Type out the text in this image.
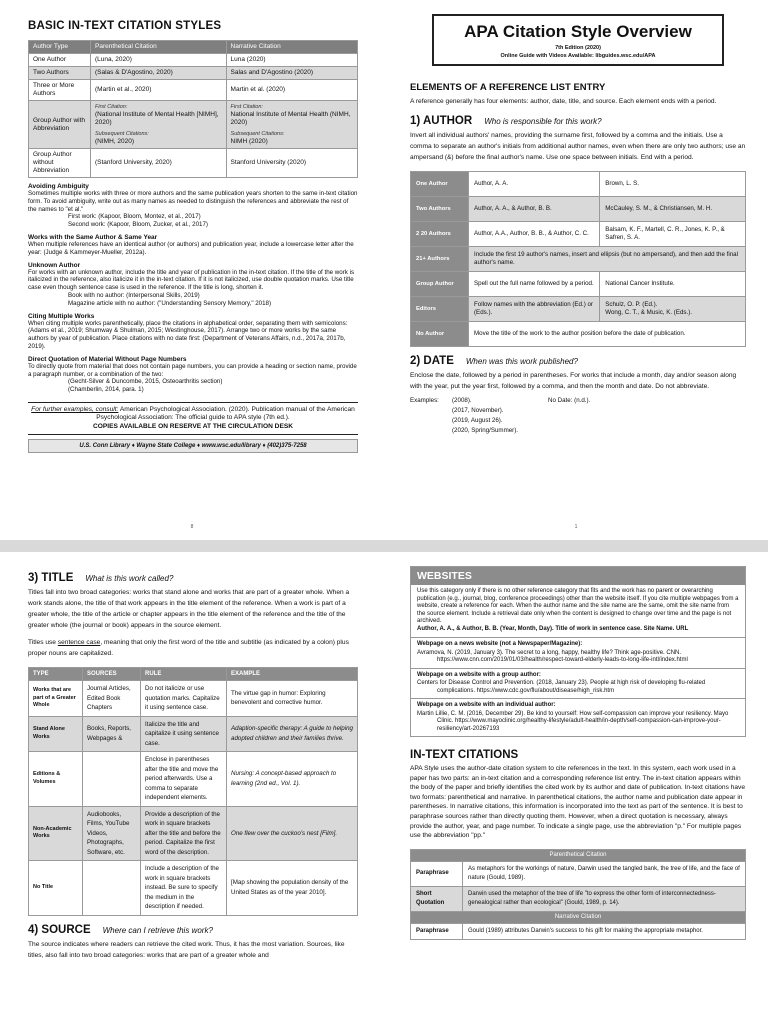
BASIC IN-TEXT CITATION STYLES
Author Type	Parenthetical Citation	Narrative Citation
One Author	(Luna, 2020)	Luna (2020)
Two Authors	(Salas & D'Agostino, 2020)	Salas and D'Agostino (2020)
Three or More Authors	(Martin et al., 2020)	Martin et al. (2020)
Group Author with Abbreviation	First Citation:
(National Institute of Mental Health [NIMH], 2020)
Subsequent Citations:
(NIMH, 2020)	First Citation:
National Institute of Mental Health (NIMH, 2020)
Subsequent Citations:
NIMH (2020)
Group Author without Abbreviation	(Stanford University, 2020)	Stanford University (2020)
Avoiding Ambiguity
Sometimes multiple works with three or more authors and the same publication years shorten to the same in-text citation form. To avoid ambiguity, write out as many names as needed to distinguish the references and abbreviate the rest of the names to "et al."
First work: (Kapoor, Bloom, Montez, et al., 2017)
Second work: (Kapoor, Bloom, Zucker, et al., 2017)
Works with the Same Author & Same Year
When multiple references have an identical author (or authors) and publication year, include a lowercase letter after the year: (Judge & Kammeyer-Mueller, 2012a).
Unknown Author
For works with an unknown author, include the title and year of publication in the in-text citation. If the title of the work is italicized in the reference, also italicize it in the in-text citation. If it is not italicized, use double quotation marks. Use title case even though sentence case is used in the reference. If the title is long, shorten it.
Book with no author: (Interpersonal Skills, 2019)
Magazine article with no author: ("Understanding Sensory Memory," 2018)
Citing Multiple Works
When citing multiple works parenthetically, place the citations in alphabetical order, separating them with semicolons: (Adams et al., 2019; Shumway & Shulman, 2015; Westinghouse, 2017). Arrange two or more works by the same authors by year of publication. Place citations with no date first: (Department of Veterans Affairs, n.d., 2017a, 2017b, 2019).
Direct Quotation of Material Without Page Numbers
To directly quote from material that does not contain page numbers, you can provide a heading or section name, provide a paragraph number, or a combination of the two:
(Gecht-Silver & Duncombe, 2015, Osteoarthritis section)
(Chamberlin, 2014, para. 1)
For further examples, consult: American Psychological Association. (2020). Publication manual of the American Psychological Association: The official guide to APA style (7th ed.).
COPIES AVAILABLE ON RESERVE AT THE CIRCULATION DESK
U.S. Conn Library ♦ Wayne State College ♦ www.wsc.edu/library ♦ (402)375-7258
8
APA Citation Style Overview
7th Edition (2020)
Online Guide with Videos Available: libguides.wsc.edu/APA
ELEMENTS OF A REFERENCE LIST ENTRY
A reference generally has four elements: author, date, title, and source. Each element ends with a period.
1) AUTHOR Who is responsible for this work?
Invert all individual authors' names, providing the surname first, followed by a comma and the initials. Use a comma to separate an author's initials from additional author names, even when there are only two authors; use an ampersand (&) before the final author's name. Use one space between initials. End with a period.
One Author	Author, A. A.	Brown, L. S.
Two Authors	Author, A. A., & Author, B. B.	McCauley, S. M., & Christiansen, M. H.
2 20 Authors	Author, A.A., Author, B. B., & Author, C. C.	Balsam, K. F., Martell, C. R., Jones, K. P., & Safren, S. A.
21+ Authors	Include the first 19 author's names, insert and ellipsis (but no ampersand), and then add the final author's name.	
Group Author	Spell out the full name followed by a period.	National Cancer Institute.
Editors	Follow names with the abbreviation (Ed.) or (Eds.).	Schulz, O. P. (Ed.).
Wong, C. T., & Music, K. (Eds.).
No Author	Move the title of the work to the author position before the date of publication.	
2) DATE When was this work published?
Enclose the date, followed by a period in parentheses. For works that include a month, day and/or season along with the year, put the year first, followed by a comma, and then the month and date. Do not abbreviate.
Examples:	(2008).	No Date: (n.d.).
(2017, November).
(2019, August 26).
(2020, Spring/Summer).
1
3) TITLE What is this work called?
Titles fall into two broad categories: works that stand alone and works that are part of a greater whole. When a work stands alone, the title of that work appears in the title element of the reference. When a work is part of a greater whole, the title of the article or chapter appears in the title element of the reference and the title of the greater whole (the journal or book) appears in the source element.
Titles use sentence case, meaning that only the first word of the title and subtitle (as indicated by a colon) plus proper nouns are capitalized.
TYPE	SOURCES	RULE	EXAMPLE
Works that are part of a Greater Whole	Journal Articles, Edited Book Chapters	Do not italicize or use quotation marks. Capitalize it using sentence case.	The virtue gap in humor: Exploring benevolent and corrective humor.
Stand Alone Works	Books, Reports, Webpages &	Italicize the title and capitalize it using sentence case.	Adaption-specific therapy: A guide to helping adopted children and their families thrive.
Editions & Volumes		Enclose in parentheses after the title and move the period afterwards. Use a comma to separate independent elements.	Nursing: A concept-based approach to learning (2nd ed., Vol. 1).
Non-Academic Works	Audiobooks, Films, YouTube Videos, Photographs, Software, etc.	Provide a description of the work in square brackets after the title and before the period. Capitalize the first word of the description.	One flew over the cuckoo's nest [Film].
No Title		Include a description of the work in square brackets instead. Be sure to specify the medium in the description if needed.	[Map showing the population density of the United States as of the year 2010].
4) SOURCE Where can I retrieve this work?
The source indicates where readers can retrieve the cited work. Thus, it has the most variation. Sources, like titles, also fall into two broad categories: works that are part of a greater whole and
WEBSITES
Use this category only if there is no other reference category that fits and the work has no parent or overarching publication (e.g., journal, blog, conference proceedings) other than the website itself. If you cite multiple webpages from a website, create a reference for each. When the author name and the site name are the same, omit the site name from the source element. Include a retrieval date only when the content is designed to change over time and the page is not archived.
Author, A. A., & Author, B. B. (Year, Month, Day). Title of work in sentence case. Site Name. URL
Webpage on a news website (not a Newspaper/Magazine):
Avramova, N. (2019, January 3). The secret to a long, happy, healthy life? Think age-positive. CNN. https://www.cnn.com/2019/01/03/health/respect-toward-elderly-leads-to-long-life-intl/index.html
Webpage on a website with a group author:
Centers for Disease Control and Prevention. (2018, January 23). People at high risk of developing flu-related complications. https://www.cdc.gov/flu/about/disease/high_risk.htm
Webpage on a website with an individual author:
Martin Lillie, C. M. (2016, December 29). Be kind to yourself: How self-compassion can improve your resiliency. Mayo Clinic. https://www.mayoclinic.org/healthy-lifestyle/adult-health/in-depth/self-compassion-can-improve-your-resiliency/art-20267193
IN-TEXT CITATIONS
APA Style uses the author-date citation system to cite references in the text. In this system, each work used in a paper has two parts: an in-text citation and a corresponding reference list entry. The in-text citation appears within the body of the paper and briefly identifies the cited work by its author and date of publication. In-text citations have two formats: parenthetical and narrative. In parenthetical citations, the author name and publication date appear in parentheses. In narrative citations, this information is incorporated into the text as part of the sentence. It is best to paraphrase sources rather than directly quoting them. However, when a direct quotation is necessary, always provide the author, year, and page number. To indicate a single page, use the abbreviation "p." For multiple pages use the abbreviation "pp."
Parenthetical Citation	
Paraphrase	As metaphors for the workings of nature, Darwin used the tangled bank, the tree of life, and the face of nature (Gould, 1989).
Short Quotation	Darwin used the metaphor of the tree of life "to express the other form of interconnectedness-genealogical rather than ecological" (Gould, 1989, p. 14).
Narrative Citation	
Paraphrase	Gould (1989) attributes Darwin's success to his gift for making the appropriate metaphor.
